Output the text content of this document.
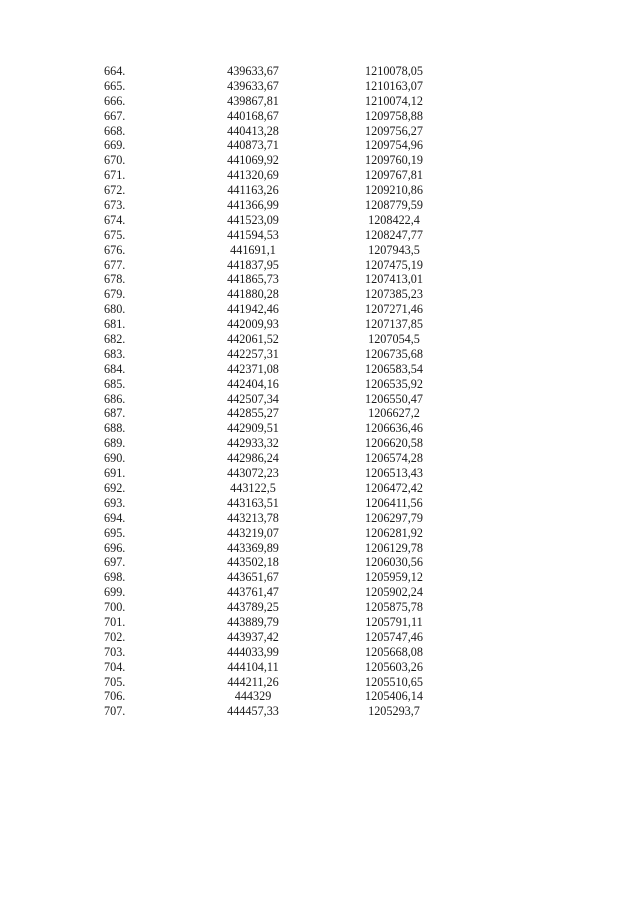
664.	439633,67	1210078,05
665.	439633,67	1210163,07
666.	439867,81	1210074,12
667.	440168,67	1209758,88
668.	440413,28	1209756,27
669.	440873,71	1209754,96
670.	441069,92	1209760,19
671.	441320,69	1209767,81
672.	441163,26	1209210,86
673.	441366,99	1208779,59
674.	441523,09	1208422,4
675.	441594,53	1208247,77
676.	441691,1	1207943,5
677.	441837,95	1207475,19
678.	441865,73	1207413,01
679.	441880,28	1207385,23
680.	441942,46	1207271,46
681.	442009,93	1207137,85
682.	442061,52	1207054,5
683.	442257,31	1206735,68
684.	442371,08	1206583,54
685.	442404,16	1206535,92
686.	442507,34	1206550,47
687.	442855,27	1206627,2
688.	442909,51	1206636,46
689.	442933,32	1206620,58
690.	442986,24	1206574,28
691.	443072,23	1206513,43
692.	443122,5	1206472,42
693.	443163,51	1206411,56
694.	443213,78	1206297,79
695.	443219,07	1206281,92
696.	443369,89	1206129,78
697.	443502,18	1206030,56
698.	443651,67	1205959,12
699.	443761,47	1205902,24
700.	443789,25	1205875,78
701.	443889,79	1205791,11
702.	443937,42	1205747,46
703.	444033,99	1205668,08
704.	444104,11	1205603,26
705.	444211,26	1205510,65
706.	444329	1205406,14
707.	444457,33	1205293,7
